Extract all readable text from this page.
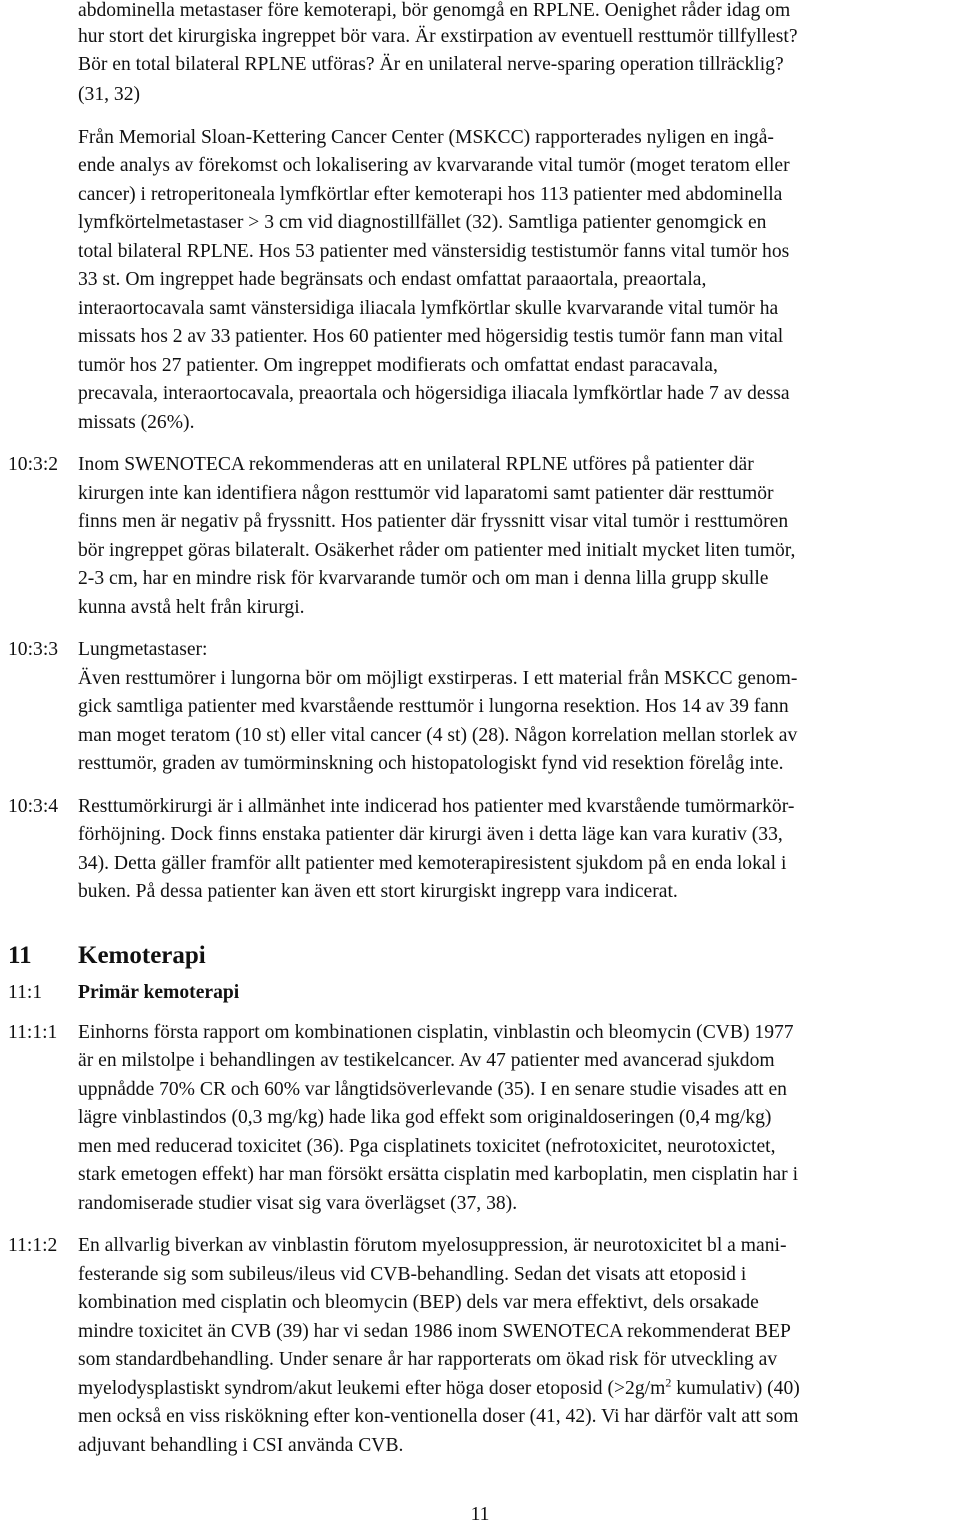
abdominella metastaser före kemoterapi, bör genomgå en RPLNE. Oenighet råder idag om
hur stort det kirurgiska ingreppet bör vara. Är exstirpation av eventuell resttumör tillfyllest?
Bör en total bilateral RPLNE utföras? Är en unilateral nerve-sparing operation tillräcklig?
(31, 32)
Från Memorial Sloan-Kettering Cancer Center (MSKCC) rapporterades nyligen en ingå-
ende analys av förekomst och lokalisering av kvarvarande vital tumör (moget teratom eller
cancer) i retroperitoneala lymfkörtlar efter kemoterapi hos 113 patienter med abdominella
lymfkörtelmetastaser > 3 cm vid diagnostillfället (32). Samtliga patienter genomgick en
total bilateral RPLNE. Hos 53 patienter med vänstersidig testistumör fanns vital tumör hos
33 st. Om ingreppet hade begränsats och endast omfattat paraaortala, preaortala,
interaortocavala samt vänstersidiga iliacala lymfkörtlar skulle kvarvarande vital tumör ha
missats hos 2 av 33 patienter. Hos 60 patienter med högersidig testis tumör fann man vital
tumör hos 27 patienter. Om ingreppet modifierats och omfattat endast paracavala,
precavala, interaortocavala, preaortala och högersidiga iliacala lymfkörtlar hade 7 av dessa
missats (26%).
10:3:2 Inom SWENOTECA rekommenderas att en unilateral RPLNE utföres på patienter där
kirurgen inte kan identifiera någon resttumör vid laparatomi samt patienter där resttumör
finns men är negativ på fryssnitt. Hos patienter där fryssnitt visar vital tumör i resttumören
bör ingreppet göras bilateralt. Osäkerhet råder om patienter med initialt mycket liten tumör,
2-3 cm, har en mindre risk för kvarvarande tumör och om man i denna lilla grupp skulle
kunna avstå helt från kirurgi.
10:3:3 Lungmetastaser:
Även resttumörer i lungorna bör om möjligt exstirperas. I ett material från MSKCC genom-
gick samtliga patienter med kvarstående resttumör i lungorna resektion. Hos 14 av 39 fann
man moget teratom (10 st) eller vital cancer (4 st) (28). Någon korrelation mellan storlek av
resttumör, graden av tumörminskning och histopatologiskt fynd vid resektion förelåg inte.
10:3:4 Resttumörkirurgi är i allmänhet inte indicerad hos patienter med kvarstående tumörmarkör-
förhöjning. Dock finns enstaka patienter där kirurgi även i detta läge kan vara kurativ (33,
34). Detta gäller framför allt patienter med kemoterapiresistent sjukdom på en enda lokal i
buken. På dessa patienter kan även ett stort kirurgiskt ingrepp vara indicerat.
11 Kemoterapi
11:1 Primär kemoterapi
11:1:1 Einhorns första rapport om kombinationen cisplatin, vinblastin och bleomycin (CVB) 1977
är en milstolpe i behandlingen av testikelcancer. Av 47 patienter med avancerad sjukdom
uppnådde 70% CR och 60% var långtidsöverlevande (35). I en senare studie visades att en
lägre vinblastindos (0,3 mg/kg) hade lika god effekt som originaldoseringen (0,4 mg/kg)
men med reducerad toxicitet (36). Pga cisplatinets toxicitet (nefrotoxicitet, neurotoxictet,
stark emetogen effekt) har man försökt ersätta cisplatin med karboplatin, men cisplatin har i
randomiserade studier visat sig vara överlägset (37, 38).
11:1:2 En allvarlig biverkan av vinblastin förutom myelosuppression, är neurotoxicitet bl a mani-
festerande sig som subileus/ileus vid CVB-behandling. Sedan det visats att etoposid i
kombination med cisplatin och bleomycin (BEP) dels var mera effektivt, dels orsakade
mindre toxicitet än CVB (39) har vi sedan 1986 inom SWENOTECA rekommenderat BEP
som standardbehandling. Under senare år har rapporterats om ökad risk för utveckling av
myelodysplastiskt syndrom/akut leukemi efter höga doser etoposid ($>2g/m^2$ kumulativ) (40)
men också en viss riskökning efter kon-ventionella doser (41, 42). Vi har därför valt att som
adjuvant behandling i CSI använda CVB.
11
